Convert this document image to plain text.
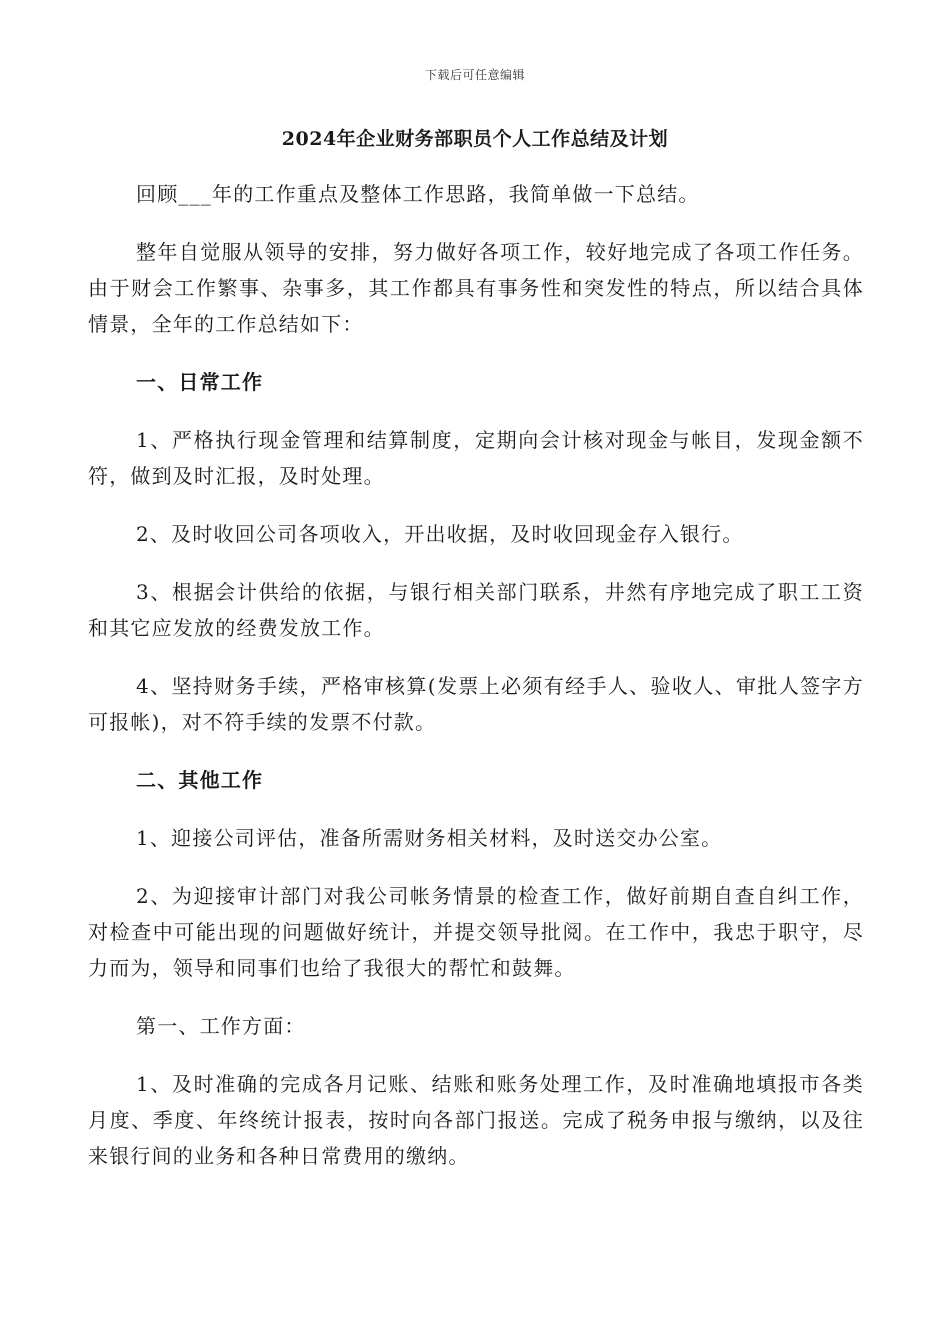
下载后可任意编辑
2024年企业财务部职员个人工作总结及计划

回顾___年的工作重点及整体工作思路，我简单做一下总结。

整年自觉服从领导的安排，努力做好各项工作，较好地完成了各项工作任务。由于财会工作繁事、杂事多，其工作都具有事务性和突发性的特点，所以结合具体情景，全年的工作总结如下：

一、日常工作

1、严格执行现金管理和结算制度，定期向会计核对现金与帐目，发现金额不符，做到及时汇报，及时处理。

2、及时收回公司各项收入，开出收据，及时收回现金存入银行。

3、根据会计供给的依据，与银行相关部门联系，井然有序地完成了职工工资和其它应发放的经费发放工作。

4、坚持财务手续，严格审核算(发票上必须有经手人、验收人、审批人签字方可报帐)，对不符手续的发票不付款。

二、其他工作

1、迎接公司评估，准备所需财务相关材料，及时送交办公室。

2、为迎接审计部门对我公司帐务情景的检查工作，做好前期自查自纠工作，对检查中可能出现的问题做好统计，并提交领导批阅。在工作中，我忠于职守，尽力而为，领导和同事们也给了我很大的帮忙和鼓舞。

第一、工作方面：

1、及时准确的完成各月记账、结账和账务处理工作，及时准确地填报市各类月度、季度、年终统计报表，按时向各部门报送。完成了税务申报与缴纳，以及往来银行间的业务和各种日常费用的缴纳。
